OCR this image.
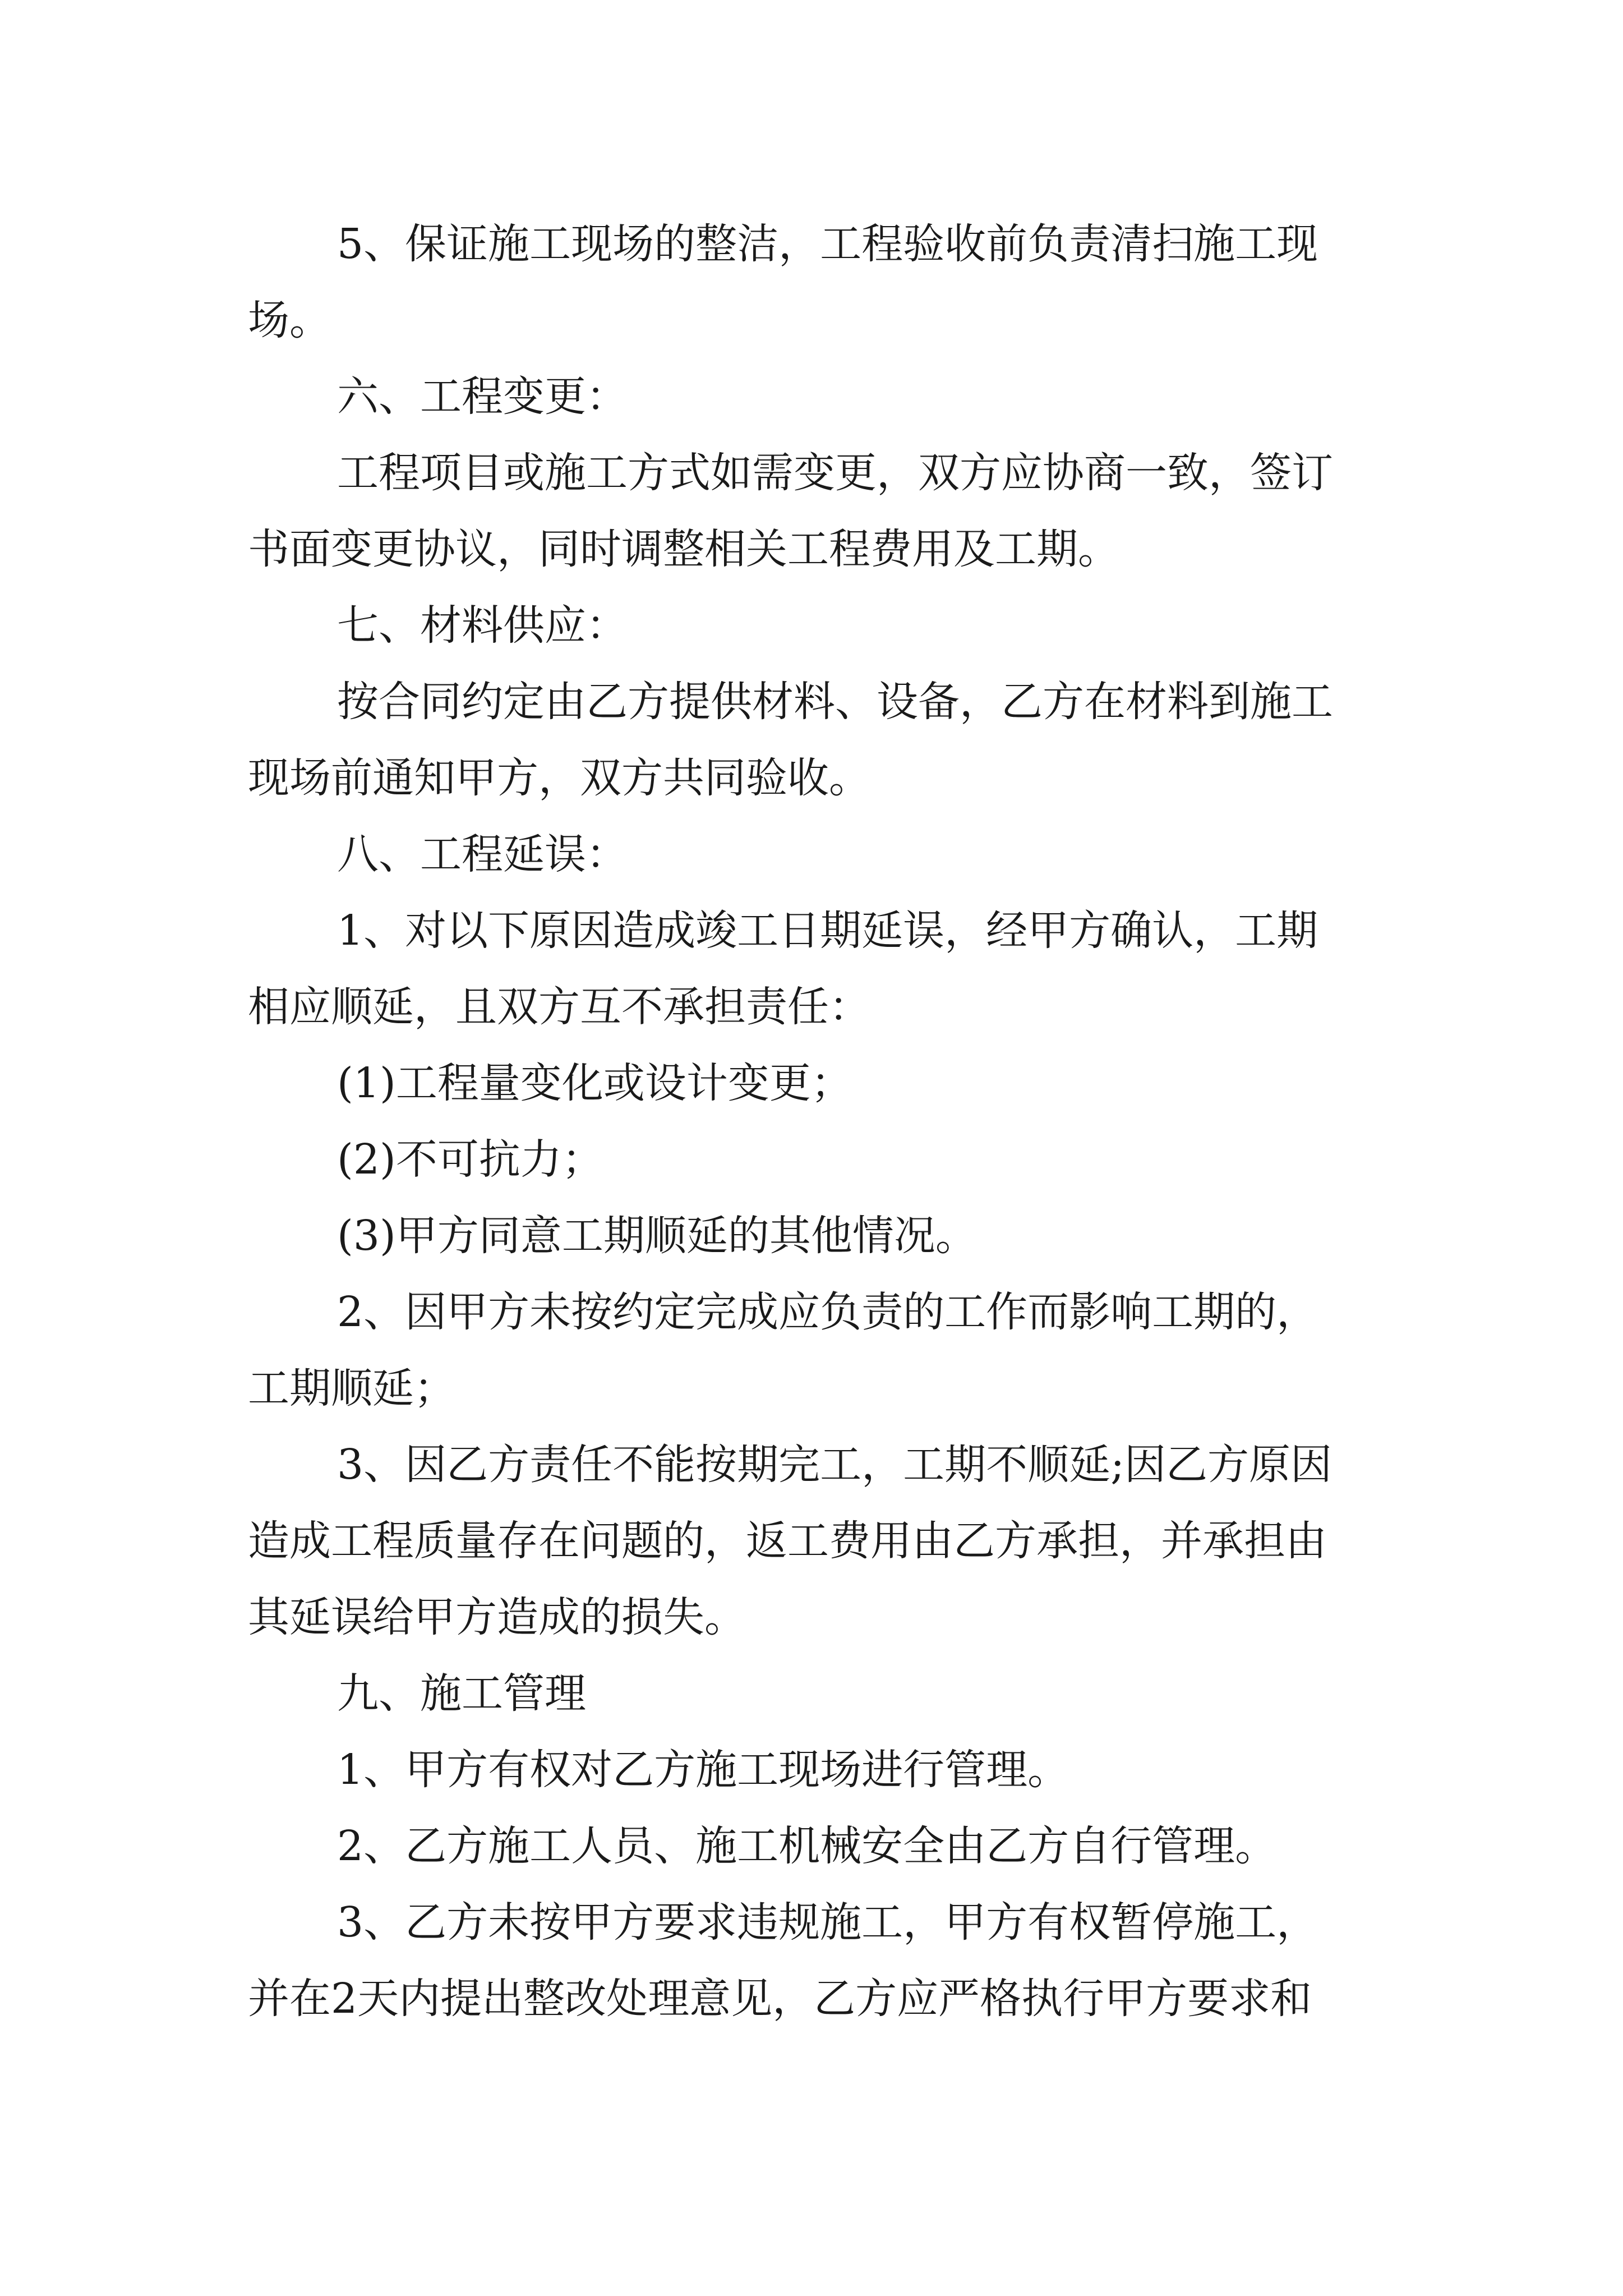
5、保证施工现场的整洁，工程验收前负责清扫施工现
场。
六、工程变更：
工程项目或施工方式如需变更，双方应协商一致，签订
书面变更协议，同时调整相关工程费用及工期。
七、材料供应：
按合同约定由乙方提供材料、设备，乙方在材料到施工
现场前通知甲方，双方共同验收。
八、工程延误：
1、对以下原因造成竣工日期延误，经甲方确认，工期
相应顺延，且双方互不承担责任：
(1)工程量变化或设计变更；
(2)不可抗力；
(3)甲方同意工期顺延的其他情况。
2、因甲方未按约定完成应负责的工作而影响工期的，
工期顺延；
3、因乙方责任不能按期完工，工期不顺延;因乙方原因
造成工程质量存在问题的，返工费用由乙方承担，并承担由
其延误给甲方造成的损失。
九、施工管理
1、甲方有权对乙方施工现场进行管理。
2、乙方施工人员、施工机械安全由乙方自行管理。
3、乙方未按甲方要求违规施工，甲方有权暂停施工，
并在2天内提出整改处理意见，乙方应严格执行甲方要求和
